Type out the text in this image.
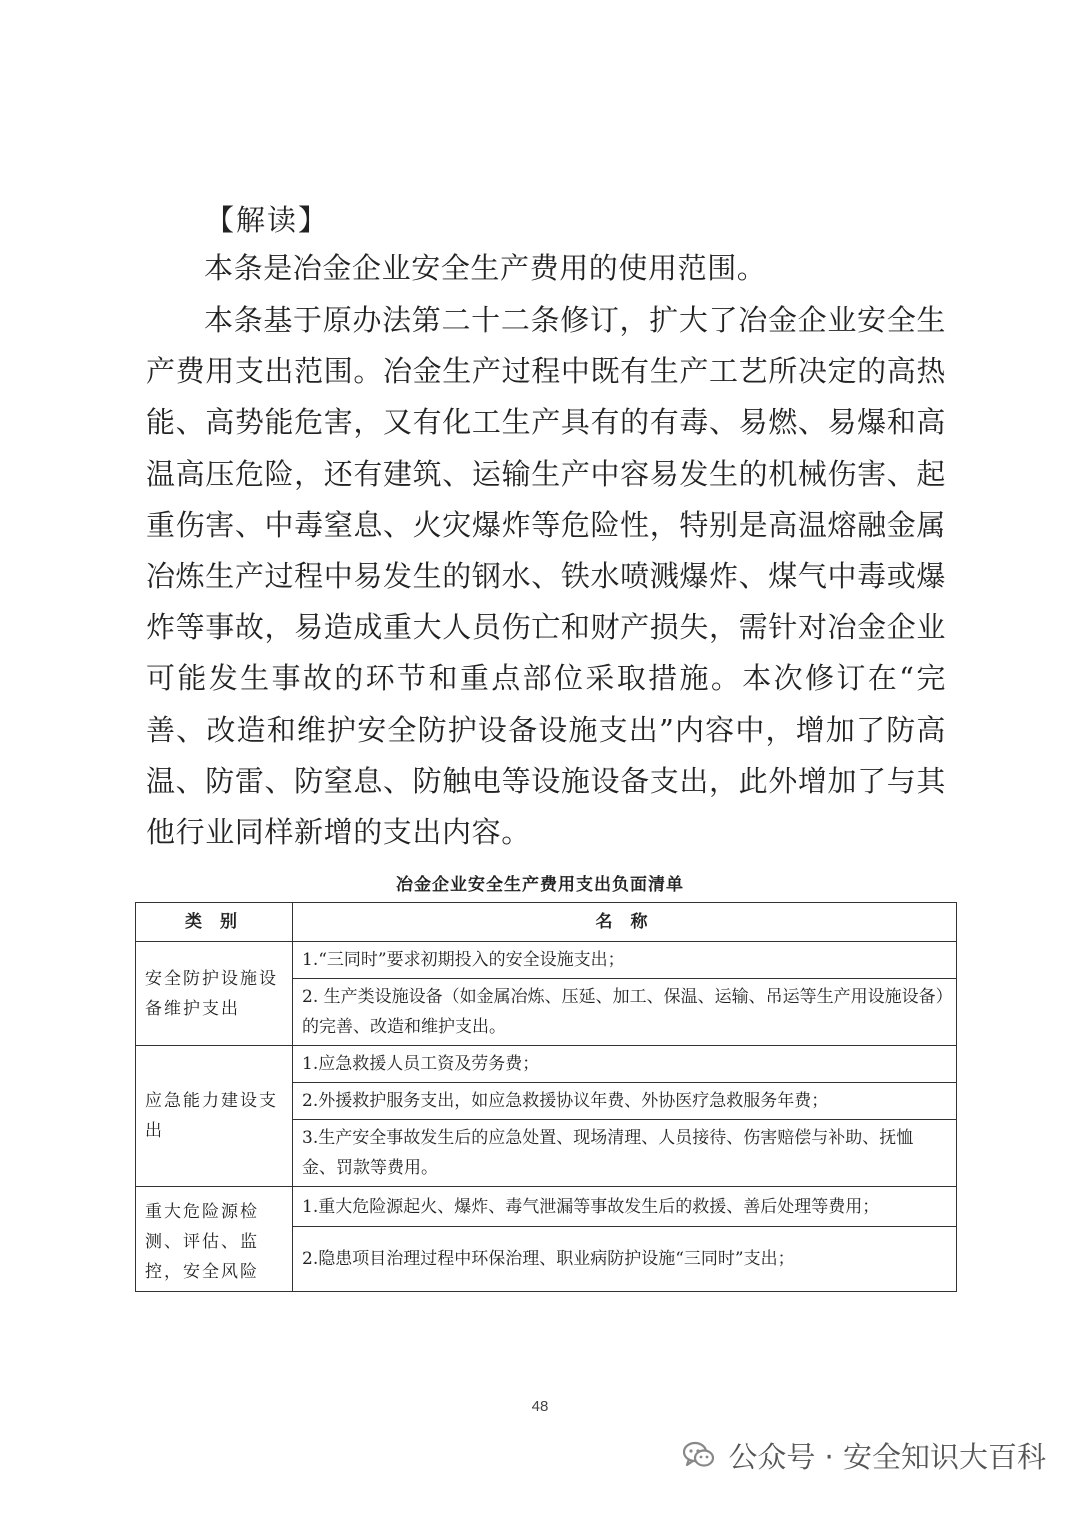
【解读】

本条是冶金企业安全生产费用的使用范围。

本条基于原办法第二十二条修订，扩大了冶金企业安全生产费用支出范围。冶金生产过程中既有生产工艺所决定的高热能、高势能危害，又有化工生产具有的有毒、易燃、易爆和高温高压危险，还有建筑、运输生产中容易发生的机械伤害、起重伤害、中毒窒息、火灾爆炸等危险性，特别是高温熔融金属冶炼生产过程中易发生的钢水、铁水喷溅爆炸、煤气中毒或爆炸等事故，易造成重大人员伤亡和财产损失，需针对冶金企业可能发生事故的环节和重点部位采取措施。本次修订在“完善、改造和维护安全防护设备设施支出”内容中，增加了防高温、防雷、防窒息、防触电等设施设备支出，此外增加了与其他行业同样新增的支出内容。

冶金企业安全生产费用支出负面清单
类 别	名 称
安全防护设施设备维护支出	1.“三同时”要求初期投入的安全设施支出；
	2. 生产类设施设备（如金属冶炼、压延、加工、保温、运输、吊运等生产用设施设备）的完善、改造和维护支出。
应急能力建设支出	1.应急救援人员工资及劳务费；
	2.外援救护服务支出，如应急救援协议年费、外协医疗急救服务年费；
	3.生产安全事故发生后的应急处置、现场清理、人员接待、伤害赔偿与补助、抚恤金、罚款等费用。
重大危险源检测、评估、监控，安全风险	1.重大危险源起火、爆炸、毒气泄漏等事故发生后的救援、善后处理等费用；
	2.隐患项目治理过程中环保治理、职业病防护设施“三同时”支出；
48
公众号 · 安全知识大百科
